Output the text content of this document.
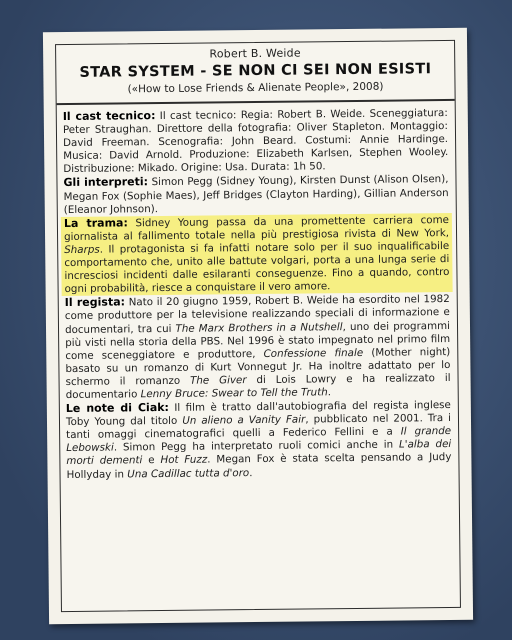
Robert B. Weide
STAR SYSTEM - SE NON CI SEI NON ESISTI
(«How to Lose Friends & Alienate People», 2008)
Il cast tecnico: Il cast tecnico: Regia: Robert B. Weide. Sceneggiatura: Peter Straughan. Direttore della fotografia: Oliver Stapleton. Montaggio: David Freeman. Scenografia: John Beard. Costumi: Annie Hardinge. Musica: David Arnold. Produzione: Elizabeth Karlsen, Stephen Wooley. Distribuzione: Mikado. Origine: Usa. Durata: 1h 50.
Gli interpreti: Simon Pegg (Sidney Young), Kirsten Dunst (Alison Olsen), Megan Fox (Sophie Maes), Jeff Bridges (Clayton Harding), Gillian Anderson (Eleanor Johnson).
La trama: Sidney Young passa da una promettente carriera come giornalista al fallimento totale nella più prestigiosa rivista di New York, Sharps. Il protagonista si fa infatti notare solo per il suo inqualificabile comportamento che, unito alle battute volgari, porta a una lunga serie di incresciosi incidenti dalle esilaranti conseguenze. Fino a quando, contro ogni probabilità, riesce a conquistare il vero amore.
Il regista: Nato il 20 giugno 1959, Robert B. Weide ha esordito nel 1982 come produttore per la televisione realizzando speciali di informazione e documentari, tra cui The Marx Brothers in a Nutshell, uno dei programmi più visti nella storia della PBS. Nel 1996 è stato impegnato nel primo film come sceneggiatore e produttore, Confessione finale (Mother night) basato su un romanzo di Kurt Vonnegut Jr. Ha inoltre adattato per lo schermo il romanzo The Giver di Lois Lowry e ha realizzato il documentario Lenny Bruce: Swear to Tell the Truth.
Le note di Ciak: Il film è tratto dall'autobiografia del regista inglese Toby Young dal titolo Un alieno a Vanity Fair, pubblicato nel 2001. Tra i tanti omaggi cinematografici quelli a Federico Fellini e a Il grande Lebowski. Simon Pegg ha interpretato ruoli comici anche in L'alba dei morti dementi e Hot Fuzz. Megan Fox è stata scelta pensando a Judy Hollyday in Una Cadillac tutta d'oro.
